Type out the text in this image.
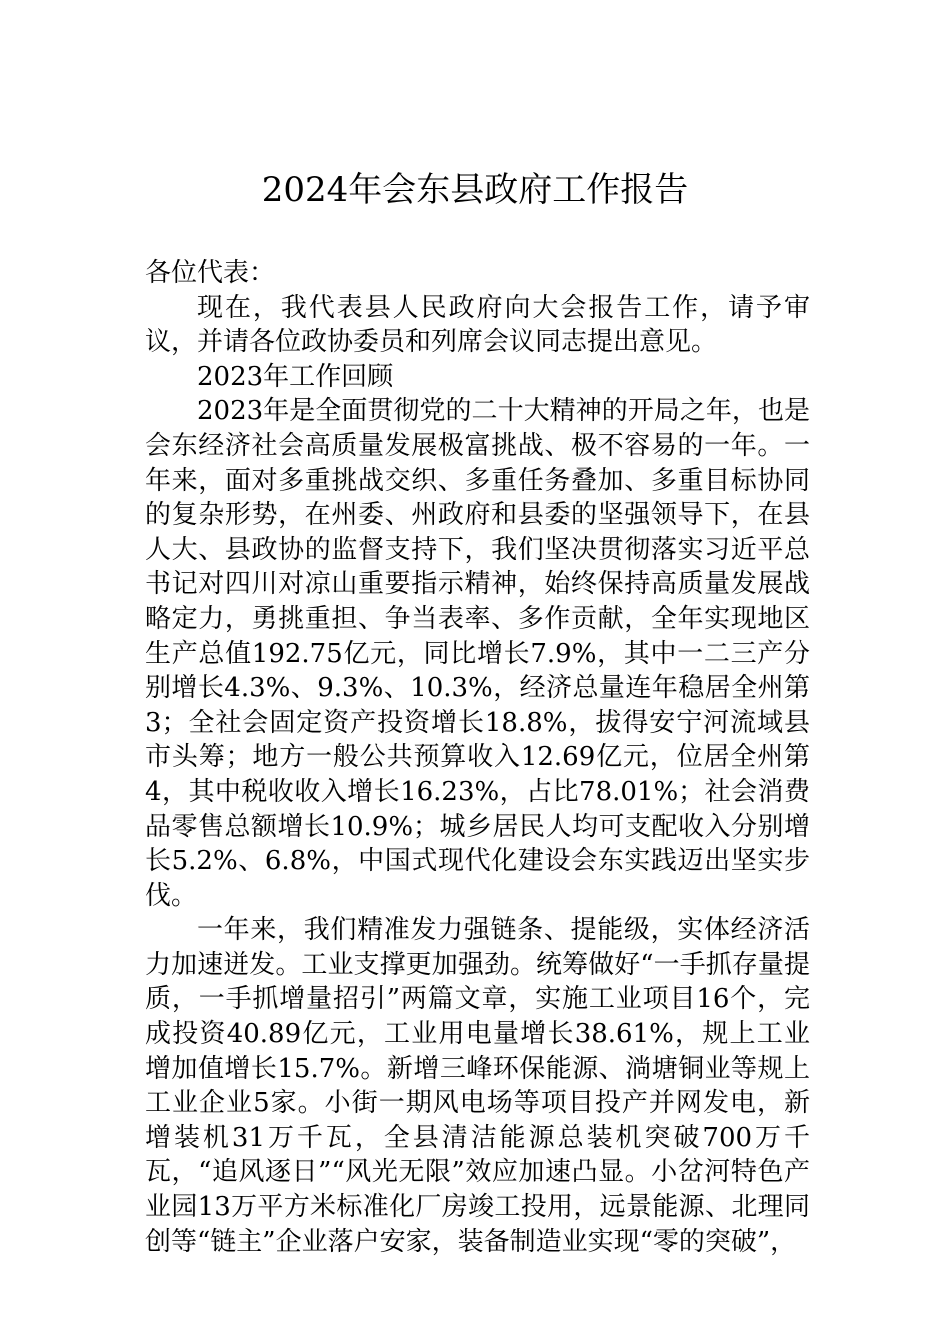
2024年会东县政府工作报告

各位代表：

现在，我代表县人民政府向大会报告工作，请予审议，并请各位政协委员和列席会议同志提出意见。

2023年工作回顾

2023年是全面贯彻党的二十大精神的开局之年，也是会东经济社会高质量发展极富挑战、极不容易的一年。一年来，面对多重挑战交织、多重任务叠加、多重目标协同的复杂形势，在州委、州政府和县委的坚强领导下，在县人大、县政协的监督支持下，我们坚决贯彻落实习近平总书记对四川对凉山重要指示精神，始终保持高质量发展战略定力，勇挑重担、争当表率、多作贡献，全年实现地区生产总值192.75亿元，同比增长7.9%，其中一二三产分别增长4.3%、9.3%、10.3%，经济总量连年稳居全州第3；全社会固定资产投资增长18.8%，拔得安宁河流域县市头筹；地方一般公共预算收入12.69亿元，位居全州第4，其中税收收入增长16.23%，占比78.01%；社会消费品零售总额增长10.9%；城乡居民人均可支配收入分别增长5.2%、6.8%，中国式现代化建设会东实践迈出坚实步伐。

一年来，我们精准发力强链条、提能级，实体经济活力加速迸发。工业支撑更加强劲。统筹做好“一手抓存量提质，一手抓增量招引”两篇文章，实施工业项目16个，完成投资40.89亿元，工业用电量增长38.61%，规上工业增加值增长15.7%。新增三峰环保能源、淌塘铜业等规上工业企业5家。小街一期风电场等项目投产并网发电，新增装机31万千瓦，全县清洁能源总装机突破700万千瓦，“追风逐日”“风光无限”效应加速凸显。小岔河特色产业园13万平方米标准化厂房竣工投用，远景能源、北理同创等“链主”企业落户安家，装备制造业实现“零的突破”，
